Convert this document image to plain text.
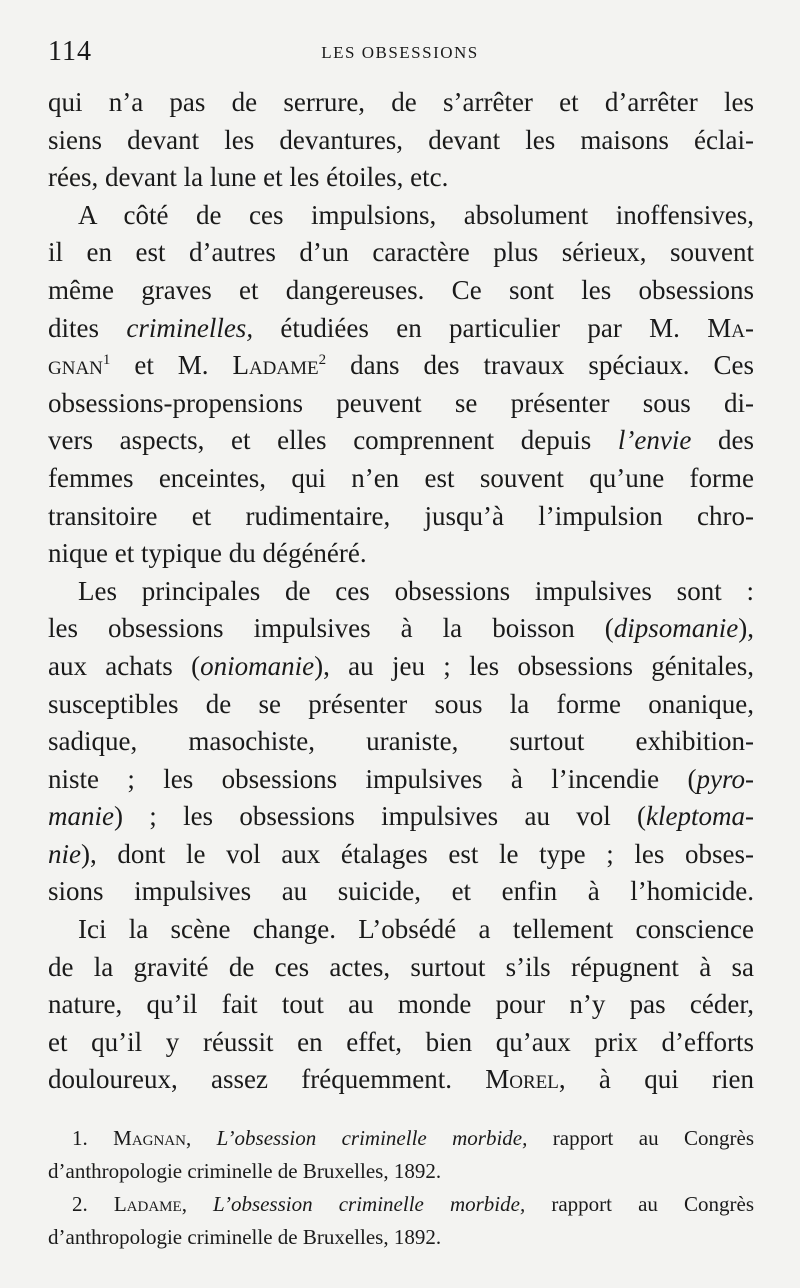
114	LES OBSESSIONS
qui n’a pas de serrure, de s’arrêter et d’arrêter les
siens devant les devantures, devant les maisons éclai-
rées, devant la lune et les étoiles, etc.
A côté de ces impulsions, absolument inoffensives,
il en est d’autres d’un caractère plus sérieux, souvent
même graves et dangereuses. Ce sont les obsessions
dites criminelles, étudiées en particulier par M. Ma-
gnan$^1$ et M. Ladame$^2$ dans des travaux spéciaux. Ces
obsessions-propensions peuvent se présenter sous di-
vers aspects, et elles comprennent depuis l’envie des
femmes enceintes, qui n’en est souvent qu’une forme
transitoire et rudimentaire, jusqu’à l’impulsion chro-
nique et typique du dégénéré.
Les principales de ces obsessions impulsives sont :
les obsessions impulsives à la boisson (dipsomanie),
aux achats (oniomanie), au jeu ; les obsessions génitales,
susceptibles de se présenter sous la forme onanique,
sadique, masochiste, uraniste, surtout exhibition-
niste ; les obsessions impulsives à l’incendie (pyro-
manie) ; les obsessions impulsives au vol (kleptoma-
nie), dont le vol aux étalages est le type ; les obses-
sions impulsives au suicide, et enfin à l’homicide.
Ici la scène change. L’obsédé a tellement conscience
de la gravité de ces actes, surtout s’ils répugnent à sa
nature, qu’il fait tout au monde pour n’y pas céder,
et qu’il y réussit en effet, bien qu’aux prix d’efforts
douloureux, assez fréquemment. Morel, à qui rien
1. Magnan, L’obsession criminelle morbide, rapport au Congrès
d’anthropologie criminelle de Bruxelles, 1892.
2. Ladame, L’obsession criminelle morbide, rapport au Congrès
d’anthropologie criminelle de Bruxelles, 1892.
